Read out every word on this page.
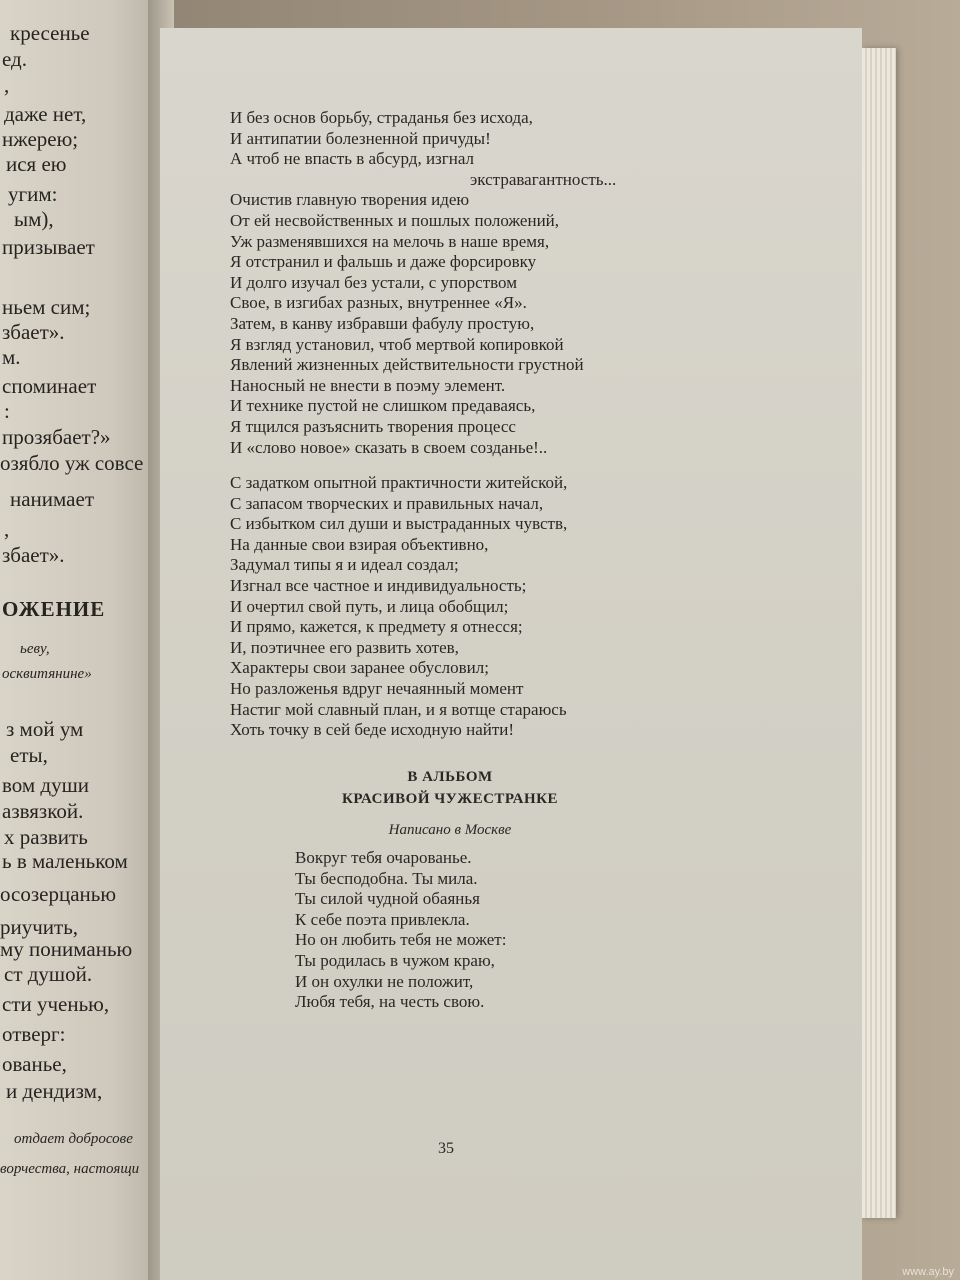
кресенье
ед.
,
даже нет,
нжерею;
ися ею
угим:
ым),
призывает
ньем сим;
збает».
м.
споминает
:
прозябает?»
озябло уж совсе
нанимает
,
збает».
ОЖЕНИЕ
ьеву,
осквитянине»
з мой ум
еты,
вом души
азвязкой.
х развить
ь в маленьком
осозерцанью
риучить,
му пониманью
ст душой.
сти ученью,
отверг:
ованье,
и дендизм,
отдает добросове
ворчества, настоящи
И без основ борьбу, страданья без исхода,
И антипатии болезненной причуды!
А чтоб не впасть в абсурд, изгнал
экстравагантность...
Очистив главную творения идею
От ей несвойственных и пошлых положений,
Уж разменявшихся на мелочь в наше время,
Я отстранил и фальшь и даже форсировку
И долго изучал без устали, с упорством
Свое, в изгибах разных, внутреннее «Я».
Затем, в канву избравши фабулу простую,
Я взгляд установил, чтоб мертвой копировкой
Явлений жизненных действительности грустной
Наносный не внести в поэму элемент.
И технике пустой не слишком предаваясь,
Я тщился разъяснить творения процесс
И «слово новое» сказать в своем созданье!..
С задатком опытной практичности житейской,
С запасом творческих и правильных начал,
С избытком сил души и выстраданных чувств,
На данные свои взирая объективно,
Задумал типы я и идеал создал;
Изгнал все частное и индивидуальность;
И очертил свой путь, и лица обобщил;
И прямо, кажется, к предмету я отнесся;
И, поэтичнее его развить хотев,
Характеры свои заранее обусловил;
Но разложенья вдруг нечаянный момент
Настиг мой славный план, и я вотще стараюсь
Хоть точку в сей беде исходную найти!
В АЛЬБОМ
КРАСИВОЙ ЧУЖЕСТРАНКЕ
Написано в Москве
Вокруг тебя очарованье.
Ты бесподобна. Ты мила.
Ты силой чудной обаянья
К себе поэта привлекла.
Но он любить тебя не может:
Ты родилась в чужом краю,
И он охулки не положит,
Любя тебя, на честь свою.
35
www.ay.by
